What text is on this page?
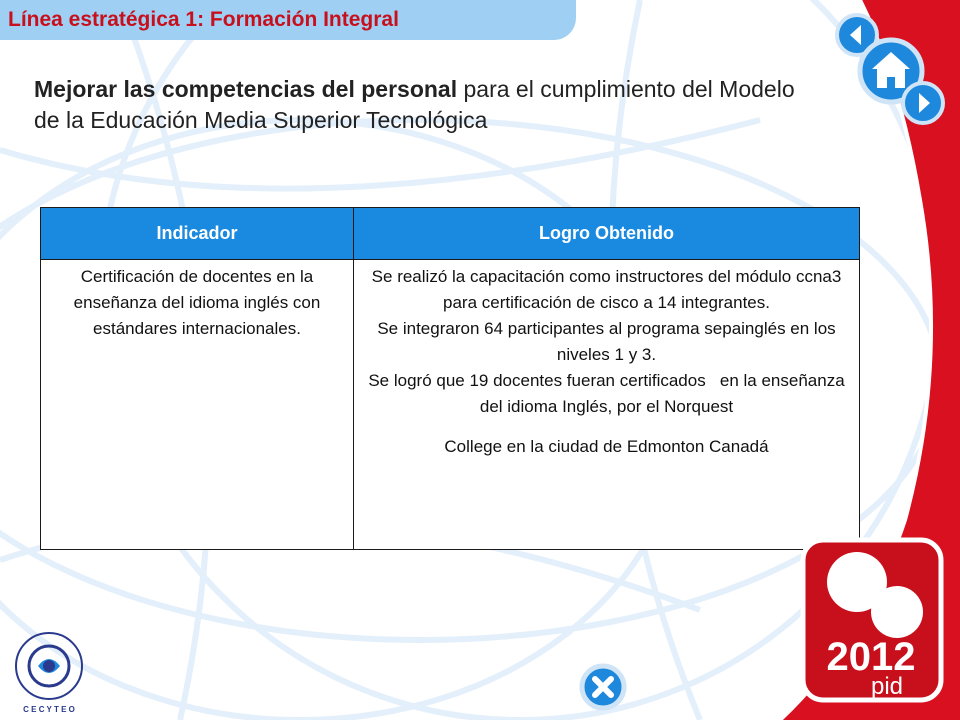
Línea estratégica 1: Formación Integral
Mejorar las competencias del personal para el cumplimiento del Modelo de la Educación Media Superior Tecnológica
Indicador	Logro Obtenido
Certificación de docentes en la enseñanza del idioma inglés con estándares internacionales.	Se realizó la capacitación como instructores del módulo ccna3 para certificación de cisco a 14 integrantes.
Se integraron 64 participantes al programa sepainglés en los niveles 1 y 3.
Se logró que 19 docentes fueran certificados   en la enseñanza del idioma Inglés, por el Norquest
College en la ciudad de Edmonton Canadá
C E C Y T E O
2012
pid
